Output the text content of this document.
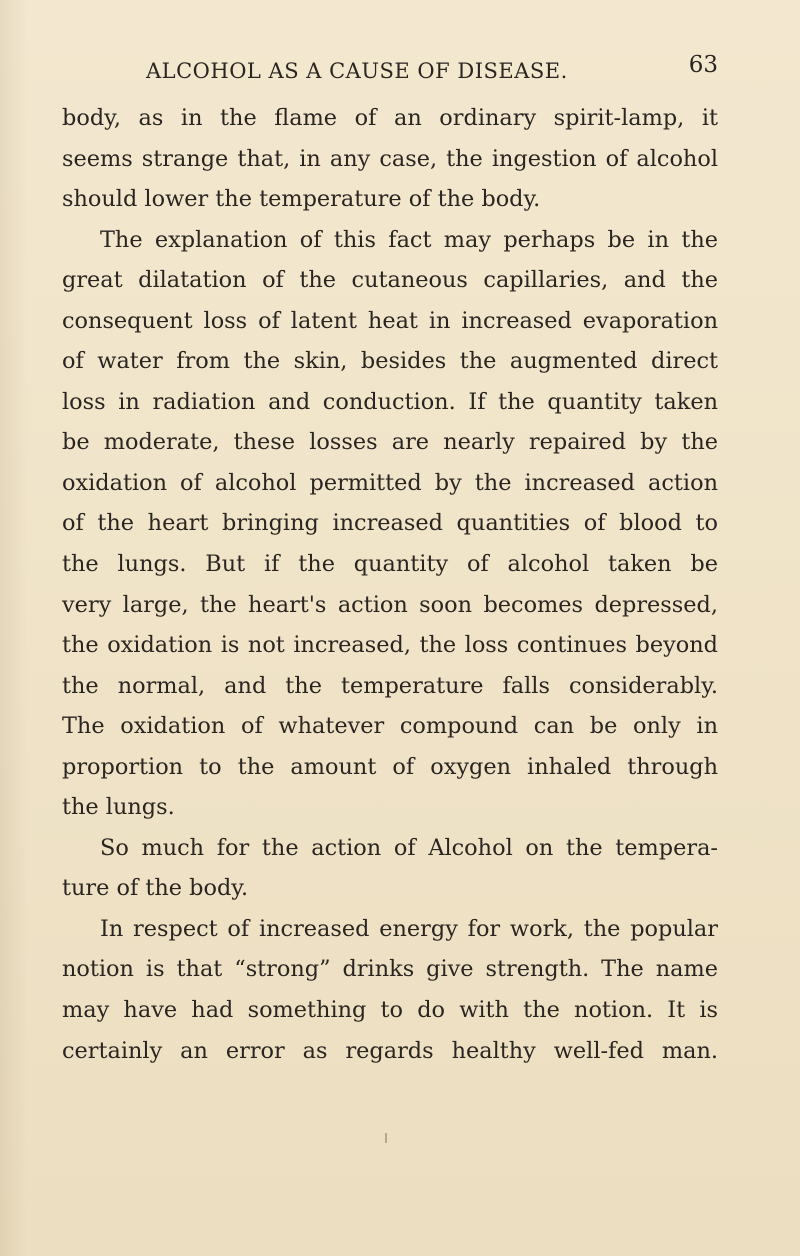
ALCOHOL AS A CAUSE OF DISEASE.	63
body, as in the flame of an ordinary spirit-lamp, it
seems strange that, in any case, the ingestion of alcohol
should lower the temperature of the body.
The explanation of this fact may perhaps be in the
great dilatation of the cutaneous capillaries, and the
consequent loss of latent heat in increased evaporation
of water from the skin, besides the augmented direct
loss in radiation and conduction. If the quantity taken
be moderate, these losses are nearly repaired by the
oxidation of alcohol permitted by the increased action
of the heart bringing increased quantities of blood to
the lungs. But if the quantity of alcohol taken be
very large, the heart's action soon becomes depressed,
the oxidation is not increased, the loss continues beyond
the normal, and the temperature falls considerably.
The oxidation of whatever compound can be only in
proportion to the amount of oxygen inhaled through
the lungs.
So much for the action of Alcohol on the tempera-
ture of the body.
In respect of increased energy for work, the popular
notion is that “strong” drinks give strength. The name
may have had something to do with the notion. It is
certainly an error as regards healthy well-fed man.
